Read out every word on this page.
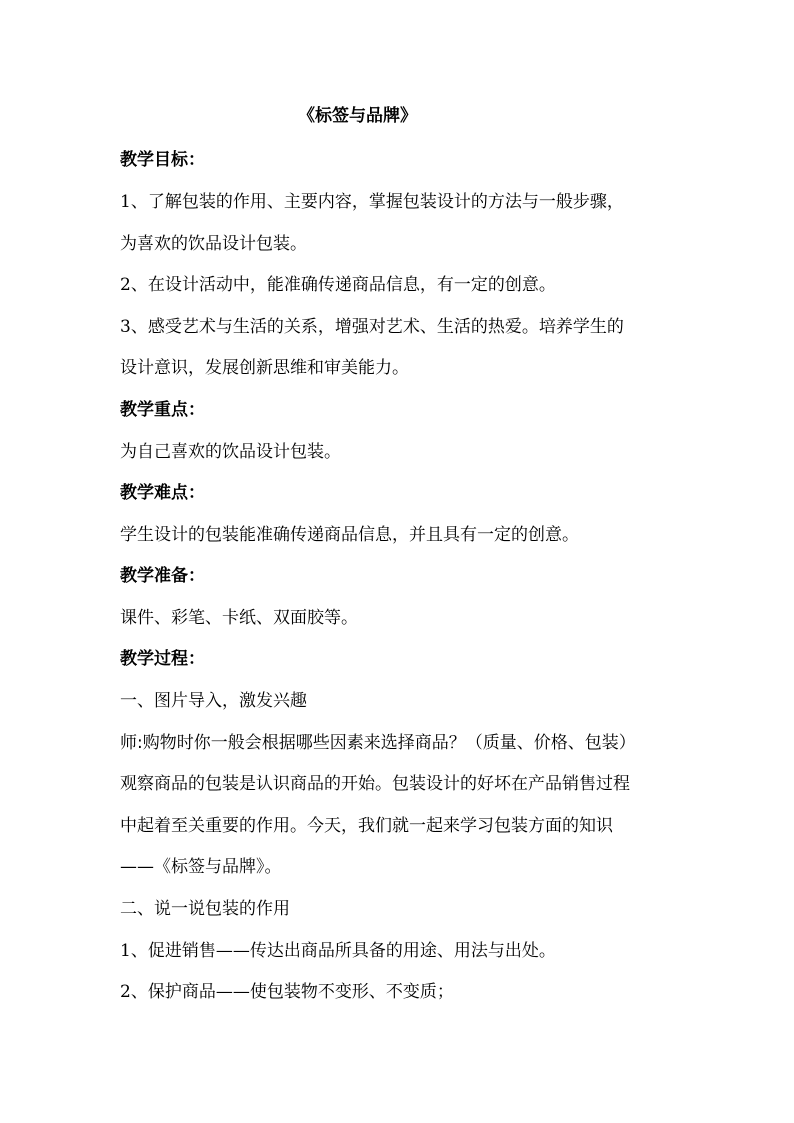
《标签与品牌》
教学目标：
1、了解包装的作用、主要内容，掌握包装设计的方法与一般步骤，
为喜欢的饮品设计包装。
2、在设计活动中，能准确传递商品信息，有一定的创意。
3、感受艺术与生活的关系，增强对艺术、生活的热爱。培养学生的
设计意识，发展创新思维和审美能力。
教学重点：
为自己喜欢的饮品设计包装。
教学难点：
学生设计的包装能准确传递商品信息，并且具有一定的创意。
教学准备：
课件、彩笔、卡纸、双面胶等。
教学过程：
一、图片导入，激发兴趣
师:购物时你一般会根据哪些因素来选择商品？（质量、价格、包装）
观察商品的包装是认识商品的开始。包装设计的好坏在产品销售过程
中起着至关重要的作用。今天，我们就一起来学习包装方面的知识
——《标签与品牌》。
二、说一说包装的作用
1、促进销售——传达出商品所具备的用途、用法与出处。
2、保护商品——使包装物不变形、不变质；
